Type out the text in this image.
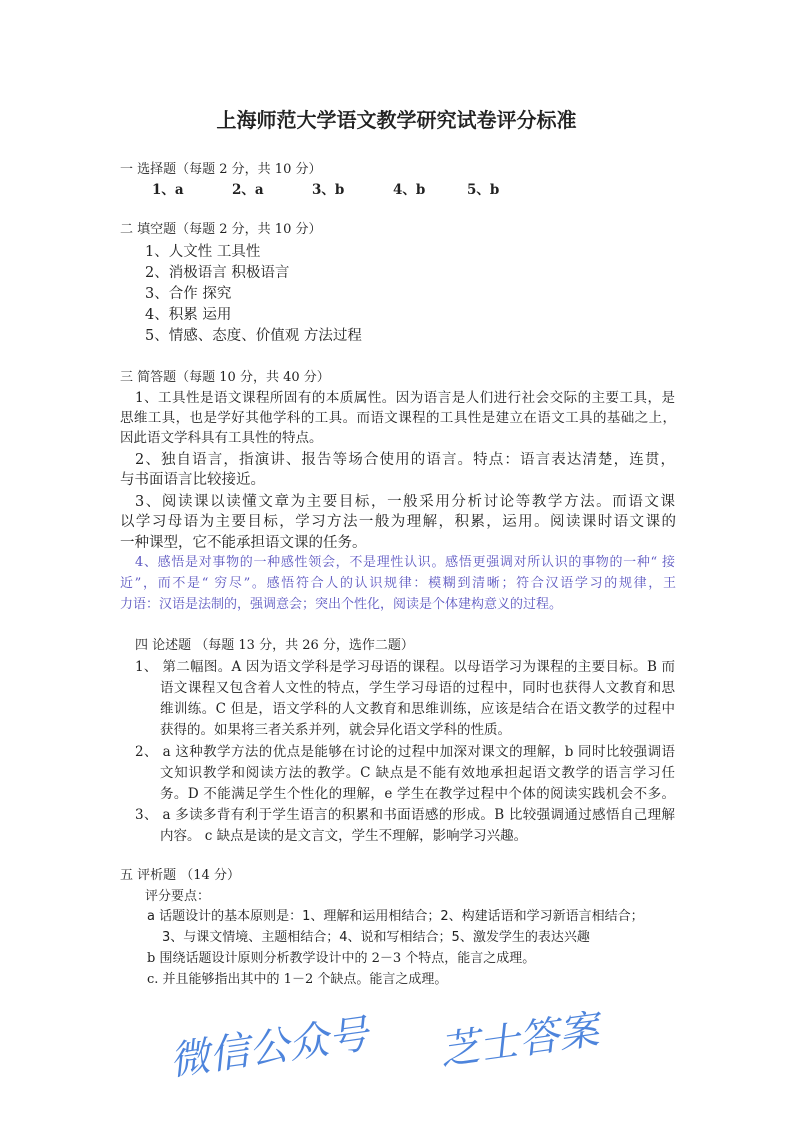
上海师范大学语文教学研究试卷评分标准
一 选择题（每题 2 分，共 10 分）
1、a	2、a	3、b	4、b	5、b
二 填空题（每题 2 分，共 10 分）
1、人文性 工具性
2、消极语言 积极语言
3、合作 探究
4、积累 运用
5、情感、态度、价值观 方法过程
三 简答题（每题 10 分，共 40 分）
1、工具性是语文课程所固有的本质属性。因为语言是人们进行社会交际的主要工具，是
思维工具，也是学好其他学科的工具。而语文课程的工具性是建立在语文工具的基础之上，
因此语文学科具有工具性的特点。
2、独自语言，指演讲、报告等场合使用的语言。特点：语言表达清楚，连贯，
与书面语言比较接近。
3、阅读课以读懂文章为主要目标，一般采用分析讨论等教学方法。而语文课
以学习母语为主要目标，学习方法一般为理解，积累，运用。阅读课时语文课的
一种课型，它不能承担语文课的任务。
4、感悟是对事物的一种感性领会，不是理性认识。感悟更强调对所认识的事物的一种“ 接
近”，而不是“ 穷尽”。感悟符合人的认识规律：模糊到清晰；符合汉语学习的规律，王
力语：汉语是法制的，强调意会；突出个性化，阅读是个体建构意义的过程。
四 论述题 （每题 13 分，共 26 分，选作二题）
1、 第二幅图。A 因为语文学科是学习母语的课程。以母语学习为课程的主要目标。B 而
语文课程又包含着人文性的特点，学生学习母语的过程中，同时也获得人文教育和思
维训练。C 但是，语文学科的人文教育和思维训练，应该是结合在语文教学的过程中
获得的。如果将三者关系并列，就会异化语文学科的性质。
2、 a 这种教学方法的优点是能够在讨论的过程中加深对课文的理解，b 同时比较强调语
文知识教学和阅读方法的教学。C 缺点是不能有效地承担起语文教学的语言学习任
务。D 不能满足学生个性化的理解，e 学生在教学过程中个体的阅读实践机会不多。
3、 a 多读多背有利于学生语言的积累和书面语感的形成。B 比较强调通过感悟自己理解
内容。 c 缺点是读的是文言文，学生不理解，影响学习兴趣。
五 评析题 （14 分）
评分要点：
a 话题设计的基本原则是：1、理解和运用相结合；2、构建话语和学习新语言相结合；
3、与课文情境、主题相结合；4、说和写相结合；5、激发学生的表达兴趣
b 围绕话题设计原则分析教学设计中的 2－3 个特点，能言之成理。
c. 并且能够指出其中的 1－2 个缺点。能言之成理。
微信公众号 芝士答案
